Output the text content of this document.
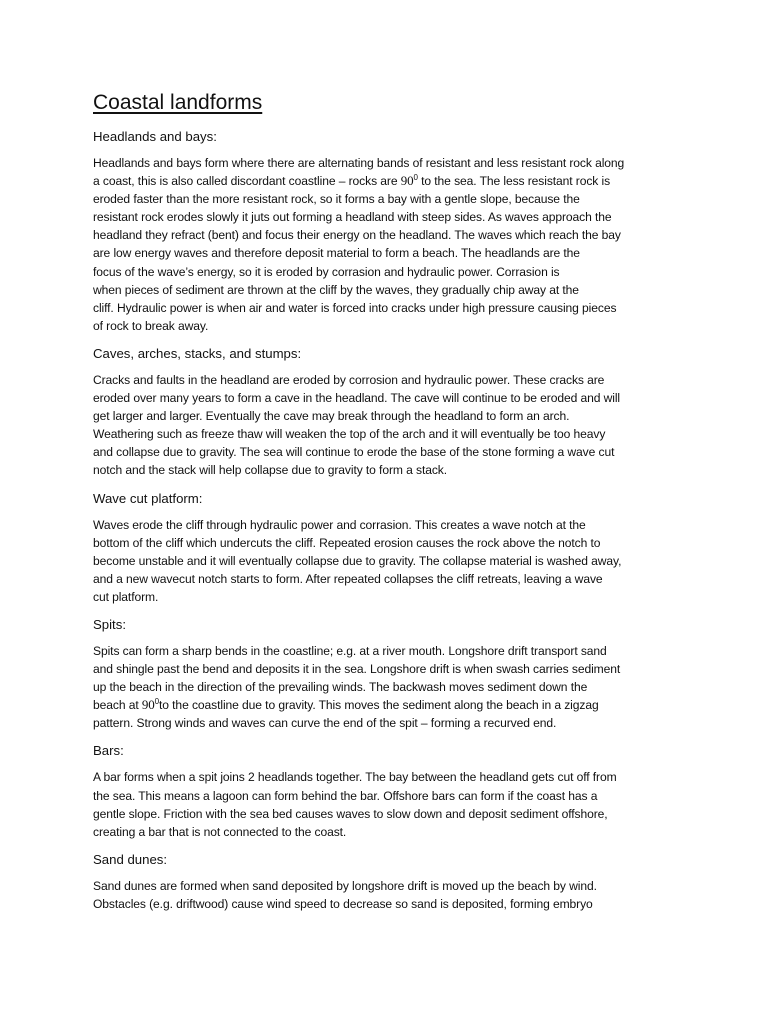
Coastal landforms
Headlands and bays:
Headlands and bays form where there are alternating bands of resistant and less resistant rock along
a coast, this is also called discordant coastline – rocks are $90^0$ to the sea. The less resistant rock is
eroded faster than the more resistant rock, so it forms a bay with a gentle slope, because the
resistant rock erodes slowly it juts out forming a headland with steep sides. As waves approach the
headland they refract (bent) and focus their energy on the headland. The waves which reach the bay
are low energy waves and therefore deposit material to form a beach. The headlands are the
focus of the wave’s energy, so it is eroded by corrasion and hydraulic power. Corrasion is
when pieces of sediment are thrown at the cliff by the waves, they gradually chip away at the
cliff. Hydraulic power is when air and water is forced into cracks under high pressure causing pieces
of rock to break away.
Caves, arches, stacks, and stumps:
Cracks and faults in the headland are eroded by corrosion and hydraulic power. These cracks are
eroded over many years to form a cave in the headland. The cave will continue to be eroded and will
get larger and larger. Eventually the cave may break through the headland to form an arch.
Weathering such as freeze thaw will weaken the top of the arch and it will eventually be too heavy
and collapse due to gravity. The sea will continue to erode the base of the stone forming a wave cut
notch and the stack will help collapse due to gravity to form a stack.
Wave cut platform:
Waves erode the cliff through hydraulic power and corrasion. This creates a wave notch at the
bottom of the cliff which undercuts the cliff. Repeated erosion causes the rock above the notch to
become unstable and it will eventually collapse due to gravity. The collapse material is washed away,
and a new wavecut notch starts to form. After repeated collapses the cliff retreats, leaving a wave
cut platform.
Spits:
Spits can form a sharp bends in the coastline; e.g. at a river mouth. Longshore drift transport sand
and shingle past the bend and deposits it in the sea. Longshore drift is when swash carries sediment
up the beach in the direction of the prevailing winds. The backwash moves sediment down the
beach at $90^0to$ the coastline due to gravity. This moves the sediment along the beach in a zigzag
pattern. Strong winds and waves can curve the end of the spit – forming a recurved end.
Bars:
A bar forms when a spit joins 2 headlands together. The bay between the headland gets cut off from
the sea. This means a lagoon can form behind the bar. Offshore bars can form if the coast has a
gentle slope. Friction with the sea bed causes waves to slow down and deposit sediment offshore,
creating a bar that is not connected to the coast.
Sand dunes:
Sand dunes are formed when sand deposited by longshore drift is moved up the beach by wind.
Obstacles (e.g. driftwood) cause wind speed to decrease so sand is deposited, forming embryo
